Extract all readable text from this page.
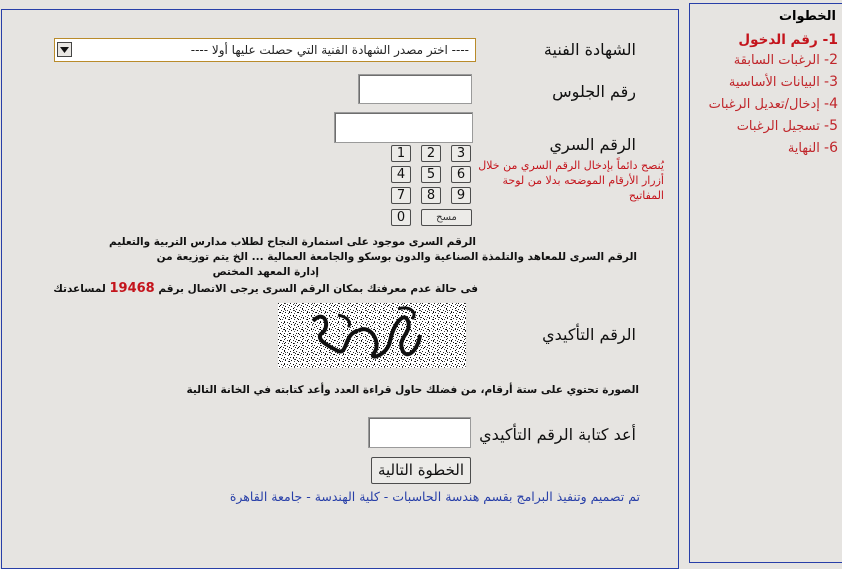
الخطوات
1- رقم الدخول
2- الرغبات السابقة
3- البيانات الأساسية
4- إدخال/تعديل الرغبات
5- تسجيل الرغبات
6- النهاية
الشهادة الفنية
---- اختر مصدر الشهادة الفنية التي حصلت عليها أولا ----
رقم الجلوس
الرقم السري
يُنصح دائماً بإدخال الرقم السري من خلال أزرار الأرقام الموضحه بدلا من لوحة المفاتيح
1	2	3
4	5	6
7	8	9
0	مسح
الرقم السرى موجود على استمارة النجاح لطلاب مدارس التربية والتعليم
الرقم السرى للمعاهد والتلمذة الصناعية والدون بوسكو والجامعة العمالية ... الخ يتم توزيعة من
إدارة المعهد المختص
فى حالة عدم معرفتك بمكان الرقم السرى يرجى الاتصال برقم 19468 لمساعدتك
الرقم التأكيدي
الصورة تحتوي على ستة أرقام، من فضلك حاول قراءة العدد وأعد كتابته في الخانة التالية
أعد كتابة الرقم التأكيدي
الخطوة التالية
تم تصميم وتنفيذ البرامج بقسم هندسة الحاسبات - كلية الهندسة - جامعة القاهرة
